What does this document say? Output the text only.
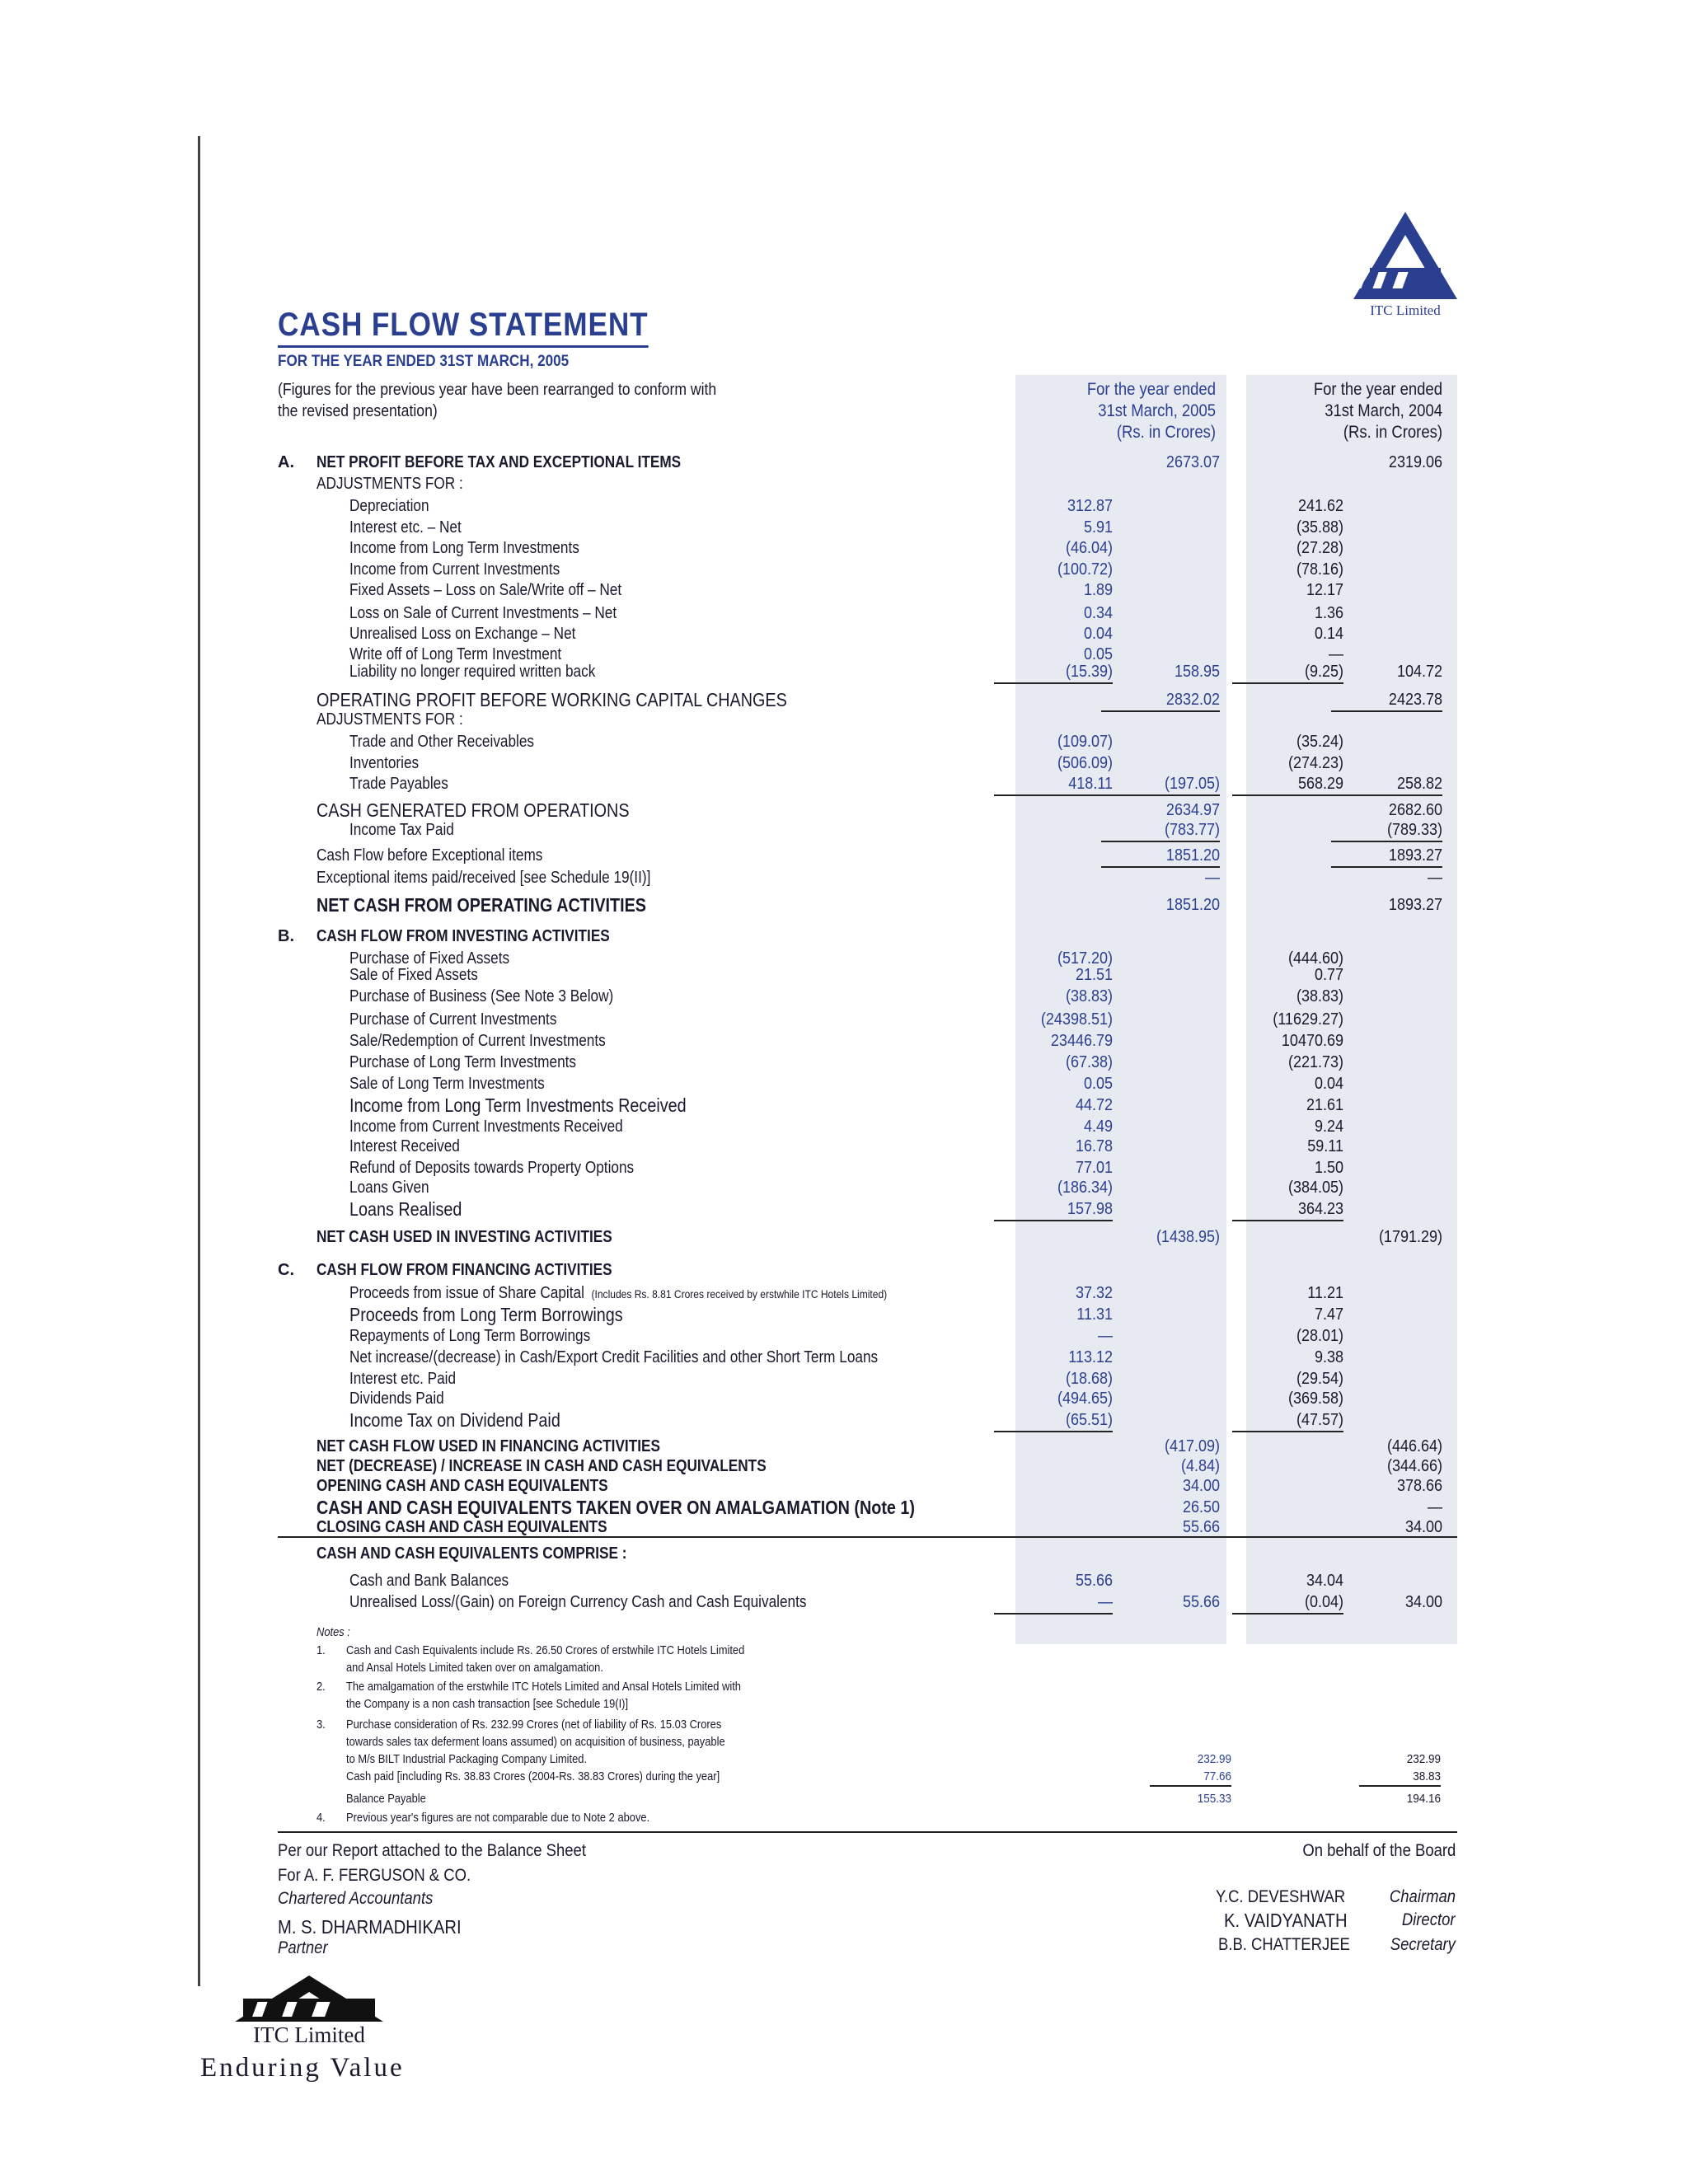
ITC Limited
CASH FLOW STATEMENT
FOR THE YEAR ENDED 31ST MARCH, 2005
(Figures for the previous year have been rearranged to conform with
the revised presentation)
For the year ended
31st March, 2005
(Rs. in Crores)
For the year ended
31st March, 2004
(Rs. in Crores)
A. NET PROFIT BEFORE TAX AND EXCEPTIONAL ITEMS	2673.07	2319.06
ADJUSTMENTS FOR :
Depreciation	312.87	241.62
Interest etc. – Net	5.91	(35.88)
Income from Long Term Investments	(46.04)	(27.28)
Income from Current Investments	(100.72)	(78.16)
Fixed Assets – Loss on Sale/Write off – Net	1.89	12.17
Loss on Sale of Current Investments – Net	0.34	1.36
Unrealised Loss on Exchange – Net	0.04	0.14
Write off of Long Term Investment	0.05	—
Liability no longer required written back	(15.39)	158.95	(9.25)	104.72
OPERATING PROFIT BEFORE WORKING CAPITAL CHANGES	2832.02	2423.78
ADJUSTMENTS FOR :
Trade and Other Receivables	(109.07)	(35.24)
Inventories	(506.09)	(274.23)
Trade Payables	418.11	(197.05)	568.29	258.82
CASH GENERATED FROM OPERATIONS	2634.97	2682.60
Income Tax Paid	(783.77)	(789.33)
Cash Flow before Exceptional items	1851.20	1893.27
Exceptional items paid/received [see Schedule 19(II)]	—	—
NET CASH FROM OPERATING ACTIVITIES	1851.20	1893.27
B. CASH FLOW FROM INVESTING ACTIVITIES
Purchase of Fixed Assets	(517.20)	(444.60)
Sale of Fixed Assets	21.51	0.77
Purchase of Business (See Note 3 Below)	(38.83)	(38.83)
Purchase of Current Investments	(24398.51)	(11629.27)
Sale/Redemption of Current Investments	23446.79	10470.69
Purchase of Long Term Investments	(67.38)	(221.73)
Sale of Long Term Investments	0.05	0.04
Income from Long Term Investments Received	44.72	21.61
Income from Current Investments Received	4.49	9.24
Interest Received	16.78	59.11
Refund of Deposits towards Property Options	77.01	1.50
Loans Given	(186.34)	(384.05)
Loans Realised	157.98	364.23
NET CASH USED IN INVESTING ACTIVITIES	(1438.95)	(1791.29)
C. CASH FLOW FROM FINANCING ACTIVITIES
Proceeds from issue of Share Capital (Includes Rs. 8.81 Crores received by erstwhile ITC Hotels Limited)	37.32	11.21
Proceeds from Long Term Borrowings	11.31	7.47
Repayments of Long Term Borrowings	—	(28.01)
Net increase/(decrease) in Cash/Export Credit Facilities and other Short Term Loans	113.12	9.38
Interest etc. Paid	(18.68)	(29.54)
Dividends Paid	(494.65)	(369.58)
Income Tax on Dividend Paid	(65.51)	(47.57)
NET CASH FLOW USED IN FINANCING ACTIVITIES	(417.09)	(446.64)
NET (DECREASE) / INCREASE IN CASH AND CASH EQUIVALENTS	(4.84)	(344.66)
OPENING CASH AND CASH EQUIVALENTS	34.00	378.66
CASH AND CASH EQUIVALENTS TAKEN OVER ON AMALGAMATION (Note 1)	26.50	—
CLOSING CASH AND CASH EQUIVALENTS	55.66	34.00
CASH AND CASH EQUIVALENTS COMPRISE :
Cash and Bank Balances	55.66	34.04
Unrealised Loss/(Gain) on Foreign Currency Cash and Cash Equivalents	—	55.66	(0.04)	34.00
Notes :
1. Cash and Cash Equivalents include Rs. 26.50 Crores of erstwhile ITC Hotels Limited
and Ansal Hotels Limited taken over on amalgamation.
2. The amalgamation of the erstwhile ITC Hotels Limited and Ansal Hotels Limited with
the Company is a non cash transaction [see Schedule 19(I)]
3. Purchase consideration of Rs. 232.99 Crores (net of liability of Rs. 15.03 Crores
towards sales tax deferment loans assumed) on acquisition of business, payable
to M/s BILT Industrial Packaging Company Limited.	232.99	232.99
Cash paid [including Rs. 38.83 Crores (2004-Rs. 38.83 Crores) during the year]	77.66	38.83
Balance Payable	155.33	194.16
4. Previous year's figures are not comparable due to Note 2 above.
Per our Report attached to the Balance Sheet
For A. F. FERGUSON & CO.
Chartered Accountants
M. S. DHARMADHIKARI
Partner
On behalf of the Board
Y.C. DEVESHWAR	Chairman
K. VAIDYANATH	Director
B.B. CHATTERJEE Secretary
ITC Limited
Enduring Value
